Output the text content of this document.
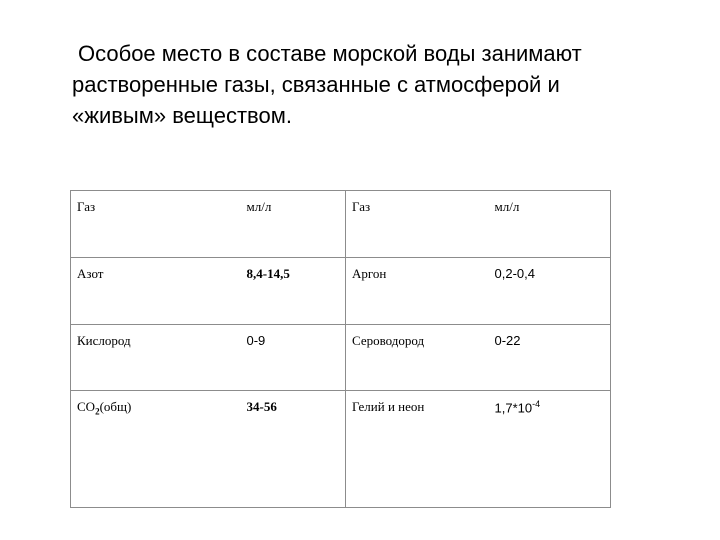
Особое место в составе морской воды занимают
растворенные газы, связанные с атмосферой и
«живым» веществом.
Газ	мл/л	Газ	мл/л
Азот	8,4-14,5	Аргон	0,2-0,4
Кислород	0-9	Сероводород	0-22
$СО_2(общ)$	34-56	Гелий и неон	$1,7*10^{-4}$
